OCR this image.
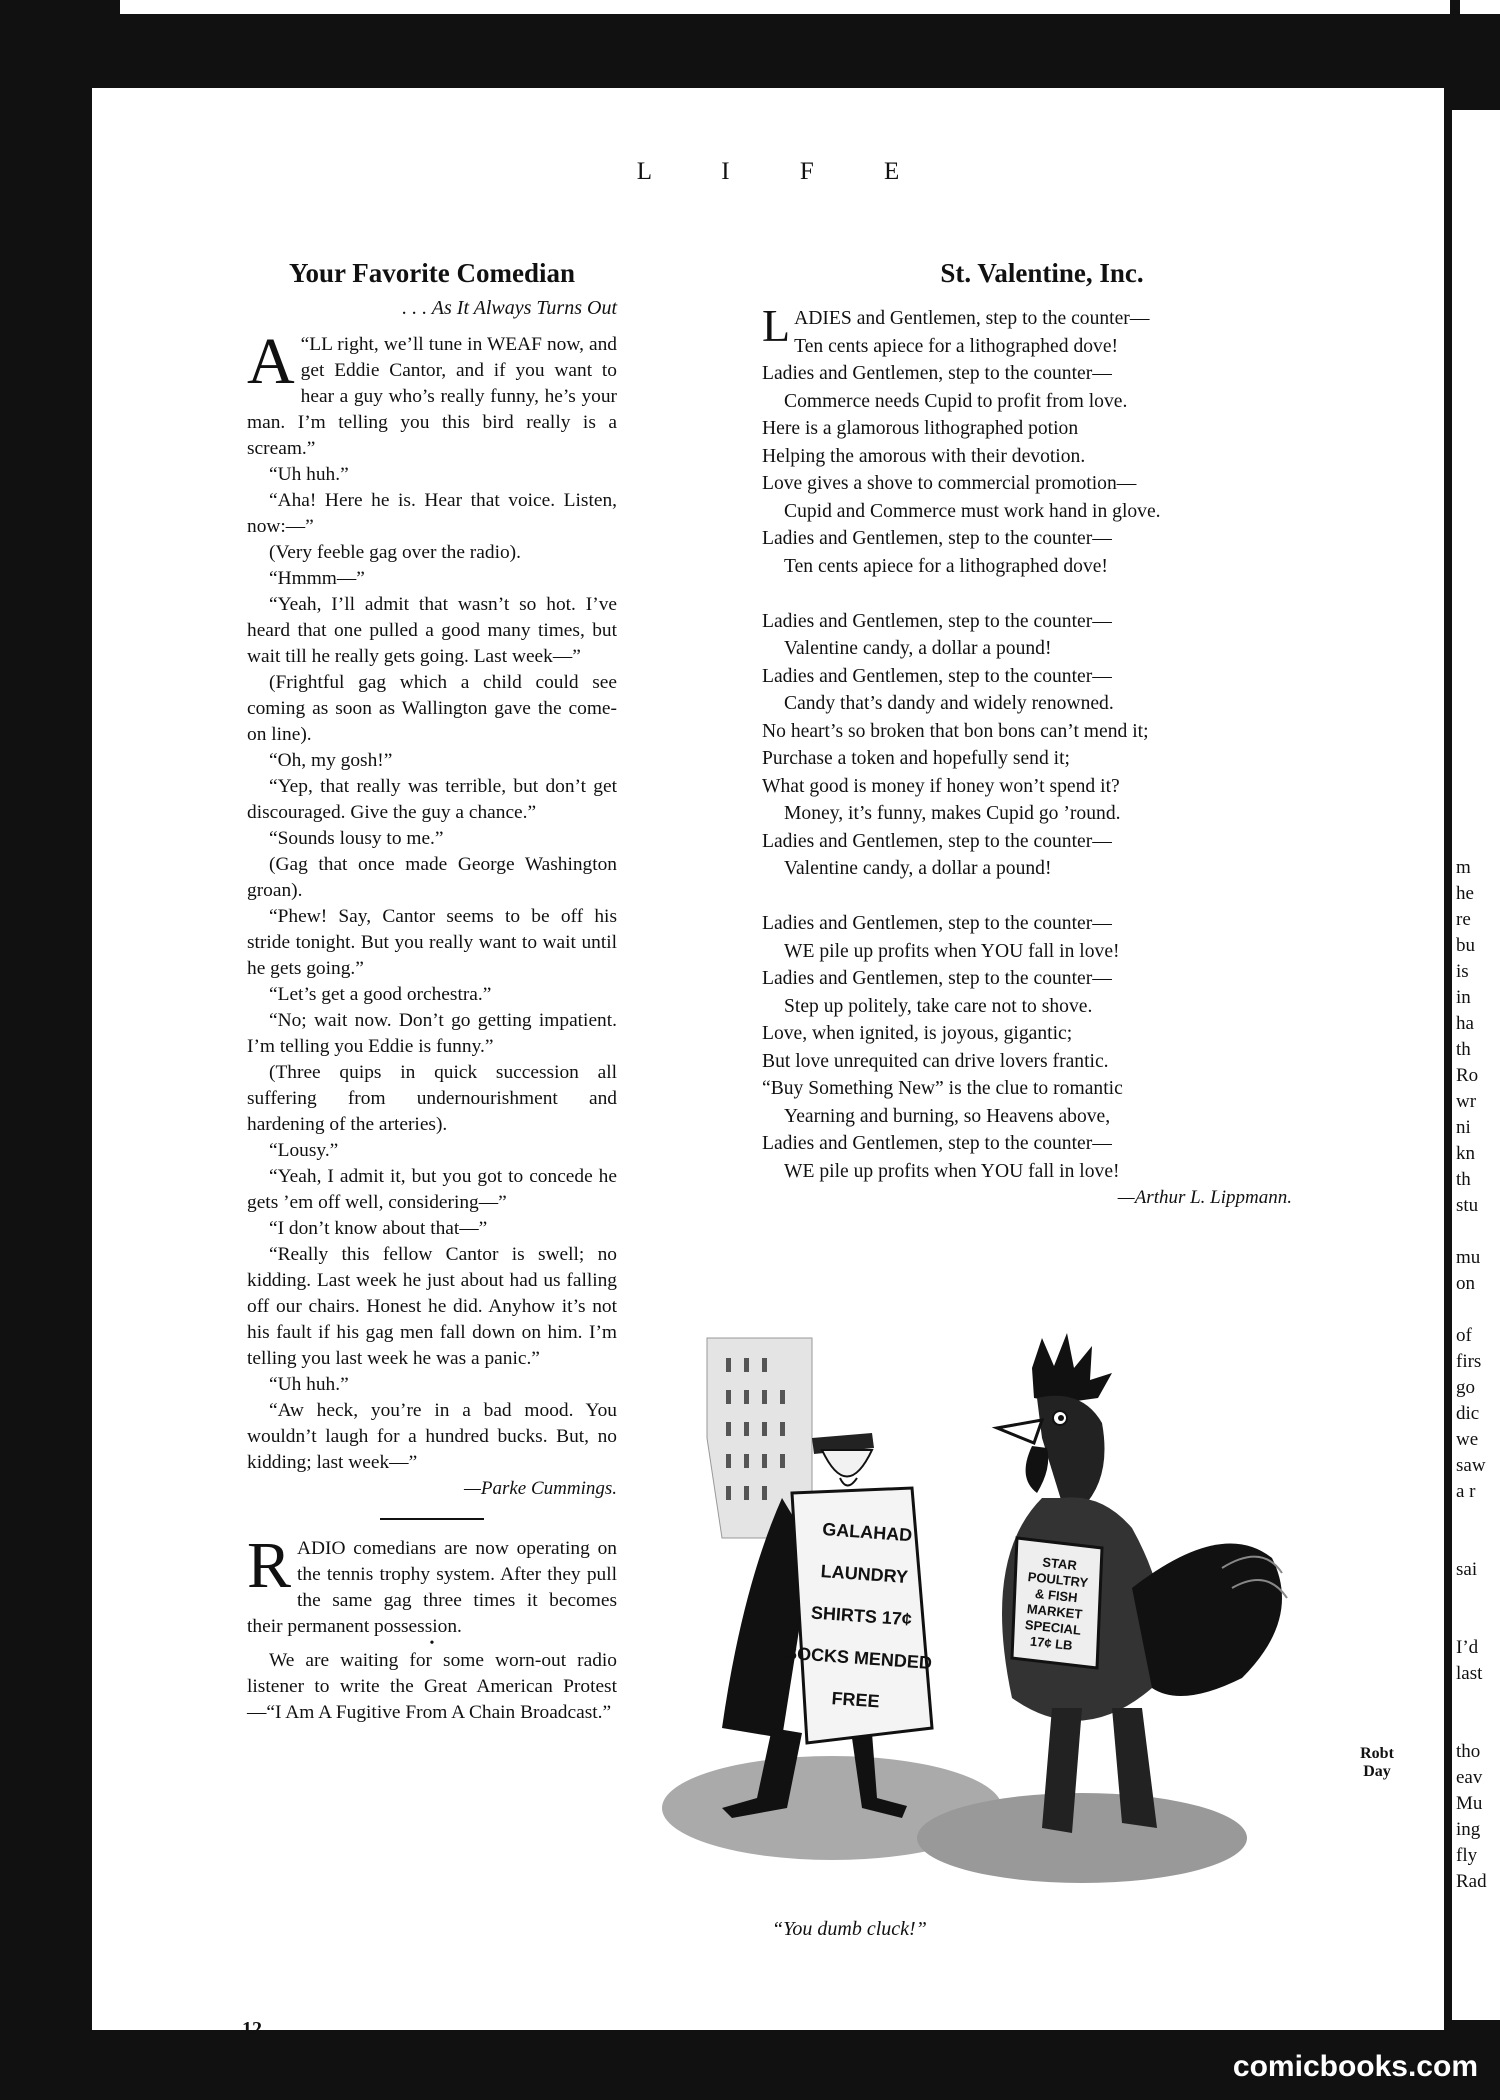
L I F E
Your Favorite Comedian
. . . As It Always Turns Out

“
A LL right, we’ll tune in WEAF now, and get Eddie Cantor, and if you want to hear a guy who’s really funny, he’s your man. I’m telling you this bird really is a scream.”

“Uh huh.”

“Aha! Here he is. Hear that voice. Listen, now:—”

(Very feeble gag over the radio).

“Hmmm—”

“Yeah, I’ll admit that wasn’t so hot. I’ve heard that one pulled a good many times, but wait till he really gets going. Last week—”

(Frightful gag which a child could see coming as soon as Wallington gave the come-on line).

“Oh, my gosh!”

“Yep, that really was terrible, but don’t get discouraged. Give the guy a chance.”

“Sounds lousy to me.”

(Gag that once made George Washington groan).

“Phew! Say, Cantor seems to be off his stride tonight. But you really want to wait until he gets going.”

“Let’s get a good orchestra.”

“No; wait now. Don’t go getting impatient. I’m telling you Eddie is funny.”

(Three quips in quick succession all suffering from undernourishment and hardening of the arteries).

“Lousy.”

“Yeah, I admit it, but you got to concede he gets ’em off well, considering—”

“I don’t know about that—”

“Really this fellow Cantor is swell; no kidding. Last week he just about had us falling off our chairs. Honest he did. Anyhow it’s not his fault if his gag men fall down on him. I’m telling you last week he was a panic.”

“Uh huh.”

“Aw heck, you’re in a bad mood. You wouldn’t laugh for a hundred bucks. But, no kidding; last week—”

—Parke Cummings.

RADIO comedians are now operating on the tennis trophy system. After they pull the same gag three times it becomes their permanent possession.

•

We are waiting for some worn-out radio listener to write the Great American Protest—“I Am A Fugitive From A Chain Broadcast.”

St. Valentine, Inc.
L ADIES and Gentlemen, step to the counter—
Ten cents apiece for a lithographed dove!
Ladies and Gentlemen, step to the counter—
Commerce needs Cupid to profit from love.
Here is a glamorous lithographed potion
Helping the amorous with their devotion.
Love gives a shove to commercial promotion—
Cupid and Commerce must work hand in glove.
Ladies and Gentlemen, step to the counter—
Ten cents apiece for a lithographed dove!
Ladies and Gentlemen, step to the counter—
Valentine candy, a dollar a pound!
Ladies and Gentlemen, step to the counter—
Candy that’s dandy and widely renowned.
No heart’s so broken that bon bons can’t mend it;
Purchase a token and hopefully send it;
What good is money if honey won’t spend it?
Money, it’s funny, makes Cupid go ’round.
Ladies and Gentlemen, step to the counter—
Valentine candy, a dollar a pound!
Ladies and Gentlemen, step to the counter—
WE pile up profits when YOU fall in love!
Ladies and Gentlemen, step to the counter—
Step up politely, take care not to shove.
Love, when ignited, is joyous, gigantic;
But love unrequited can drive lovers frantic.
“Buy Something New” is the clue to romantic
Yearning and burning, so Heavens above,
Ladies and Gentlemen, step to the counter—
WE pile up profits when YOU fall in love!
—Arthur L. Lippmann.
GALAHADLAUNDRYSHIRTS 17¢SOCKS MENDEDFREE
STARPOULTRY& FISHMARKETSPECIAL17¢ LB
Robt Day
“You dumb cluck!”
12
m
he
re
bu
is
in
ha
th
Ro
wr
ni
kn
th
stu
mu
on
of
firs
go
dic
we
saw
a r
sai
I’d
last
tho
eav
Mu
ing
fly
Rad
comicbooks.com
